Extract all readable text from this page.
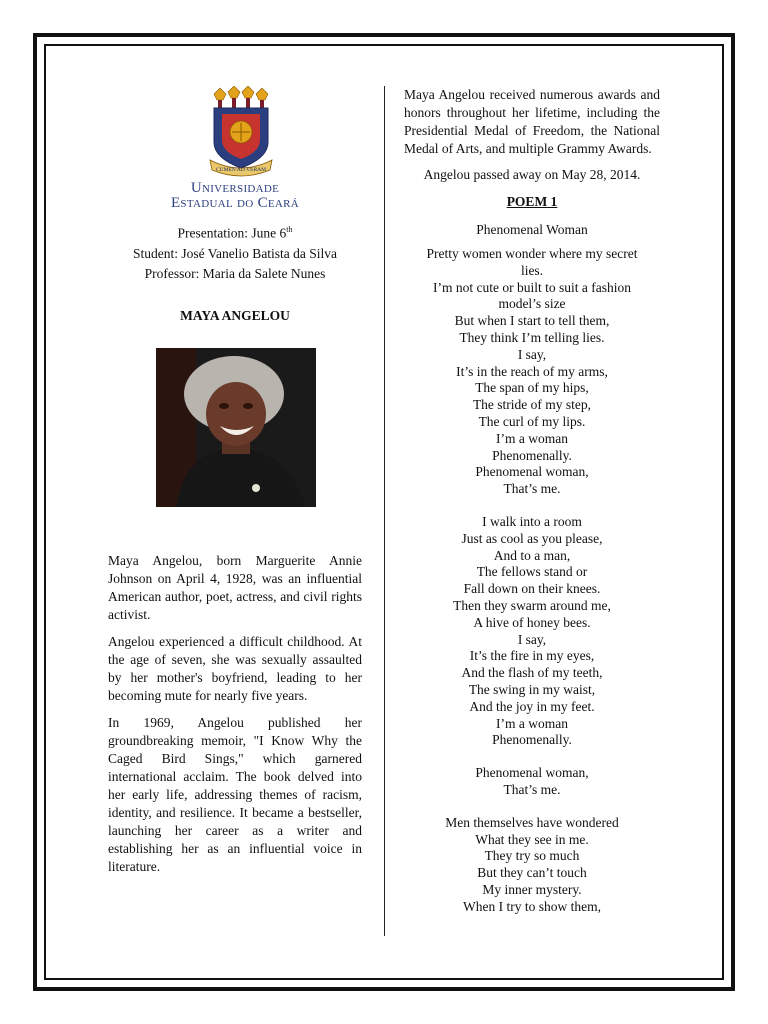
CUMEN AD VERAM
Universidade
Estadual do Ceará
Presentation: June 6th
Student: José Vanelio Batista da Silva
Professor: Maria da Salete Nunes
MAYA ANGELOU

Maya Angelou, born Marguerite Annie Johnson on April 4, 1928, was an influential American author, poet, actress, and civil rights activist.

Angelou experienced a difficult childhood. At the age of seven, she was sexually assaulted by her mother's boyfriend, leading to her becoming mute for nearly five years.

In 1969, Angelou published her groundbreaking memoir, "I Know Why the Caged Bird Sings," which garnered international acclaim. The book delved into her early life, addressing themes of racism, identity, and resilience. It became a bestseller, launching her career as a writer and establishing her as an influential voice in literature.

Maya Angelou received numerous awards and honors throughout her lifetime, including the Presidential Medal of Freedom, the National Medal of Arts, and multiple Grammy Awards.

Angelou passed away on May 28, 2014.

POEM 1
Phenomenal Woman
Pretty women wonder where my secret
lies.
I’m not cute or built to suit a fashion
model’s size
But when I start to tell them,
They think I’m telling lies.
I say,
It’s in the reach of my arms,
The span of my hips,
The stride of my step,
The curl of my lips.
I’m a woman
Phenomenally.
Phenomenal woman,
That’s me.
I walk into a room
Just as cool as you please,
And to a man,
The fellows stand or
Fall down on their knees.
Then they swarm around me,
A hive of honey bees.
I say,
It’s the fire in my eyes,
And the flash of my teeth,
The swing in my waist,
And the joy in my feet.
I’m a woman
Phenomenally.
Phenomenal woman,
That’s me.
Men themselves have wondered
What they see in me.
They try so much
But they can’t touch
My inner mystery.
When I try to show them,
